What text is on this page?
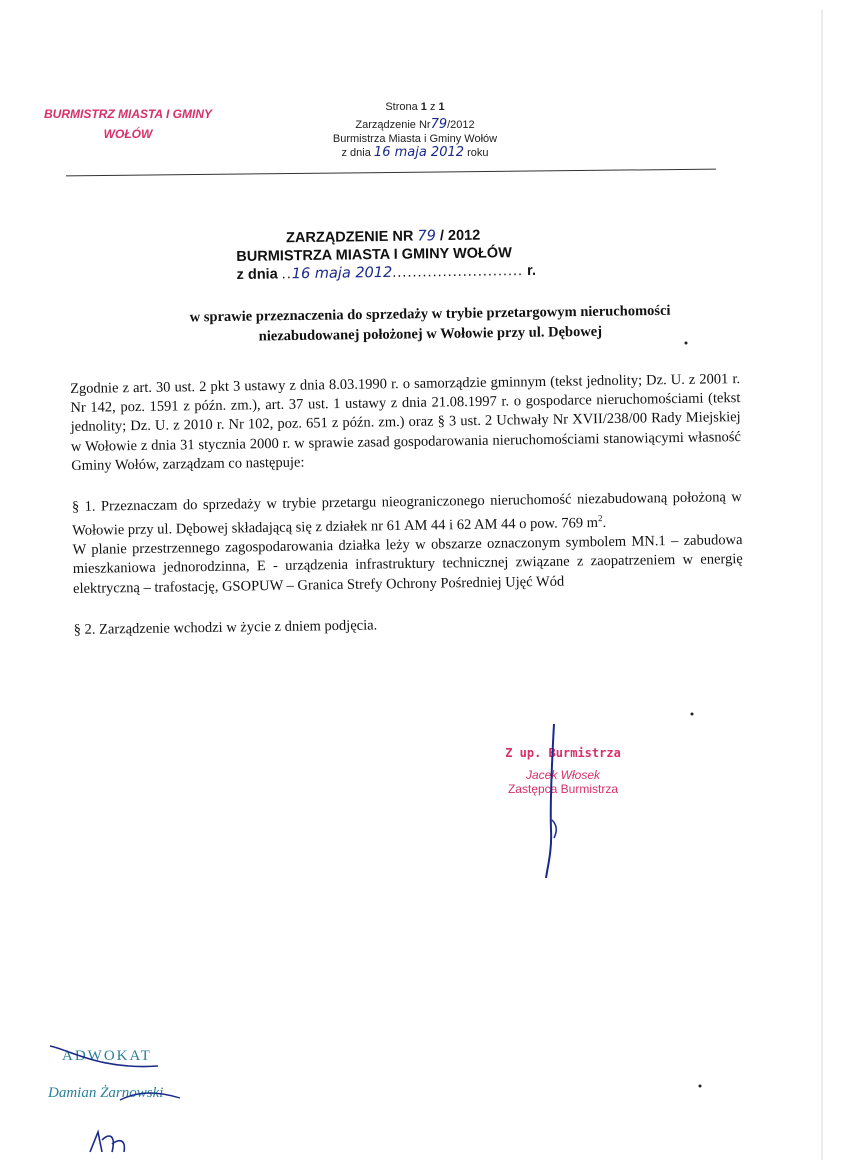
BURMISTRZ MIASTA I GMINY
WOŁÓW
Strona 1 z 1
Zarządzenie Nr79/2012
Burmistrza Miasta i Gminy Wołów
z dnia 16 maja 2012 roku
ZARZĄDZENIE NR 79 / 2012
BURMISTRZA MIASTA I GMINY WOŁÓW
z dnia ..16 maja 2012.......................... r.
w sprawie przeznaczenia do sprzedaży w trybie przetargowym nieruchomości
niezabudowanej położonej w Wołowie przy ul. Dębowej

Zgodnie z art. 30 ust. 2 pkt 3 ustawy z dnia 8.03.1990 r. o samorządzie gminnym (tekst jednolity; Dz. U. z 2001 r. Nr 142, poz. 1591 z późn. zm.), art. 37 ust. 1 ustawy z dnia 21.08.1997 r. o gospodarce nieruchomościami (tekst jednolity; Dz. U. z 2010 r. Nr 102, poz. 651 z późn. zm.) oraz § 3 ust. 2 Uchwały Nr XVII/238/00 Rady Miejskiej w Wołowie z dnia 31 stycznia 2000 r. w sprawie zasad gospodarowania nieruchomościami stanowiącymi własność Gminy Wołów, zarządzam co następuje:

§ 1. Przeznaczam do sprzedaży w trybie przetargu nieograniczonego nieruchomość niezabudowaną położoną w Wołowie przy ul. Dębowej składającą się z działek nr 61 AM 44 i 62 AM 44 o pow. 769 $m^2$.

W planie przestrzennego zagospodarowania działka leży w obszarze oznaczonym symbolem MN.1 – zabudowa mieszkaniowa jednorodzinna, E - urządzenia infrastruktury technicznej związane z zaopatrzeniem w energię elektryczną – trafostację, GSOPUW – Granica Strefy Ochrony Pośredniej Ujęć Wód

§ 2. Zarządzenie wchodzi w życie z dniem podjęcia.

Z up. Burmistrza
Jacek Włosek
Zastępca Burmistrza
ADWOKAT
Damian Żarnowski
